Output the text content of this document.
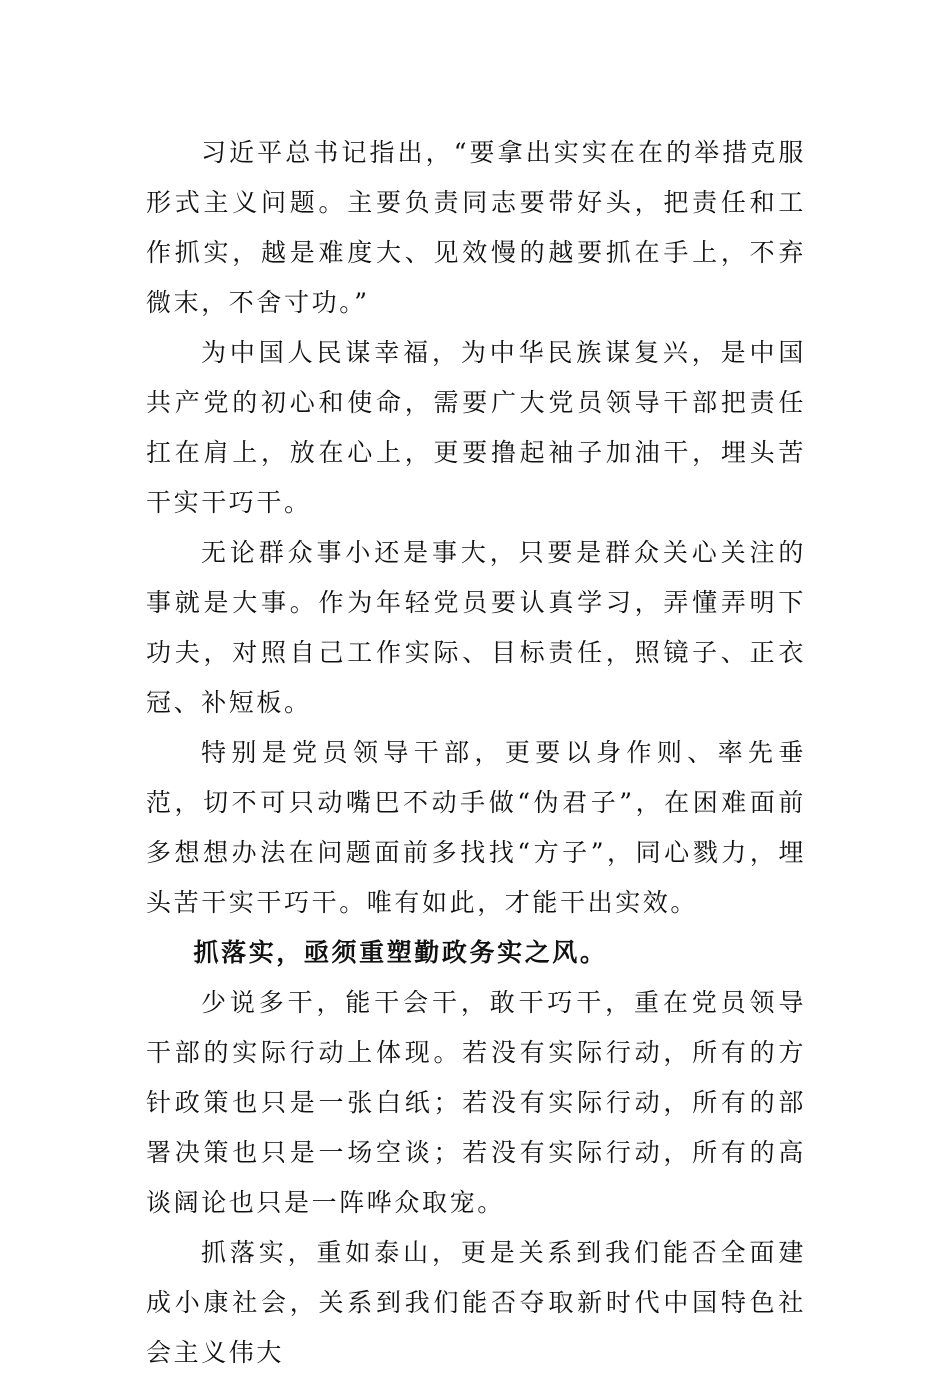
习近平总书记指出，“要拿出实实在在的举措克服形式主义问题。主要负责同志要带好头，把责任和工作抓实，越是难度大、见效慢的越要抓在手上，不弃微末，不舍寸功。”

为中国人民谋幸福，为中华民族谋复兴，是中国共产党的初心和使命，需要广大党员领导干部把责任扛在肩上，放在心上，更要撸起袖子加油干，埋头苦干实干巧干。

无论群众事小还是事大，只要是群众关心关注的事就是大事。作为年轻党员要认真学习，弄懂弄明下功夫，对照自己工作实际、目标责任，照镜子、正衣冠、补短板。

特别是党员领导干部，更要以身作则、率先垂范，切不可只动嘴巴不动手做“伪君子”，在困难面前多想想办法在问题面前多找找“方子”，同心戮力，埋头苦干实干巧干。唯有如此，才能干出实效。

抓落实，亟须重塑勤政务实之风。

少说多干，能干会干，敢干巧干，重在党员领导干部的实际行动上体现。若没有实际行动，所有的方针政策也只是一张白纸；若没有实际行动，所有的部署决策也只是一场空谈；若没有实际行动，所有的高谈阔论也只是一阵哗众取宠。

抓落实，重如泰山，更是关系到我们能否全面建成小康社会，关系到我们能否夺取新时代中国特色社会主义伟大
